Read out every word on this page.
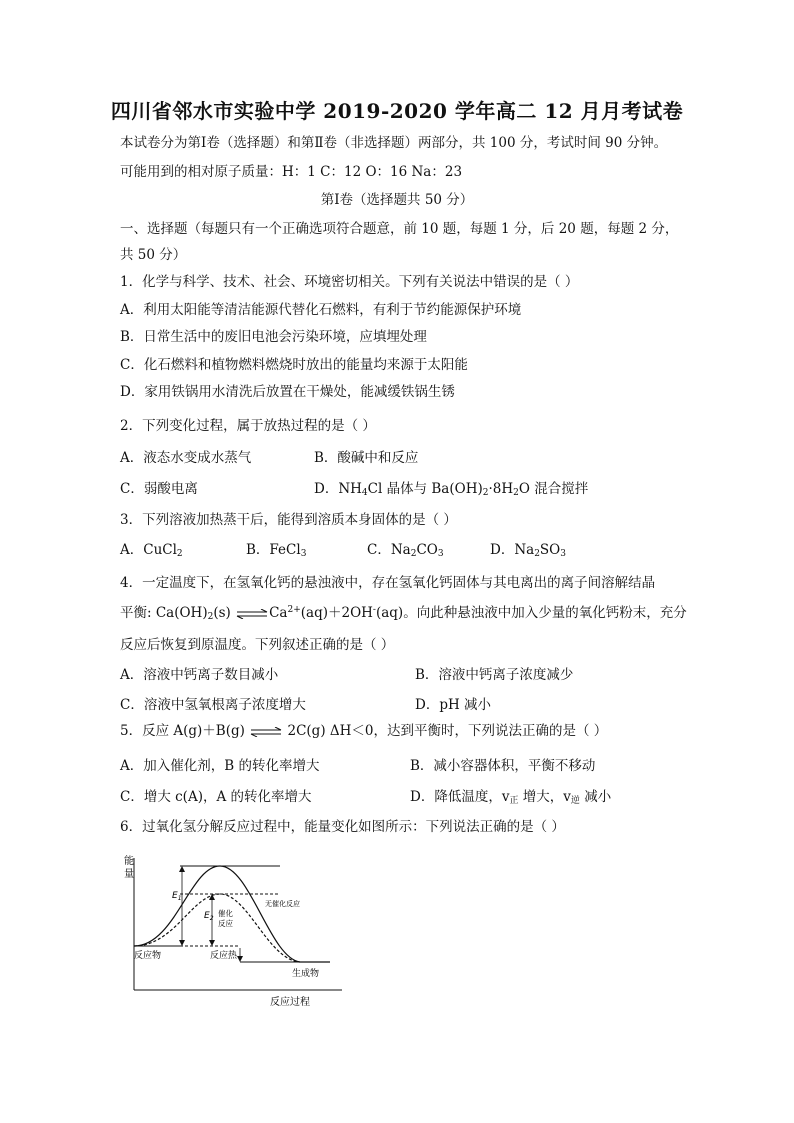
四川省邻水市实验中学 2019-2020 学年高二 12 月月考试卷
本试卷分为第Ⅰ卷（选择题）和第Ⅱ卷（非选择题）两部分，共 100 分，考试时间 90 分钟。
可能用到的相对原子质量：H：1 C：12 O：16 Na：23
第Ⅰ卷（选择题共 50 分）
一、选择题（每题只有一个正确选项符合题意，前 10 题，每题 1 分，后 20 题，每题 2 分，
共 50 分）
1．化学与科学、技术、社会、环境密切相关。下列有关说法中错误的是（ ）
A．利用太阳能等清洁能源代替化石燃料，有利于节约能源保护环境
B．日常生活中的废旧电池会污染环境，应填埋处理
C．化石燃料和植物燃料燃烧时放出的能量均来源于太阳能
D．家用铁锅用水清洗后放置在干燥处，能减缓铁锅生锈
2．下列变化过程，属于放热过程的是（ ）
A．液态水变成水蒸气	B．酸碱中和反应
C．弱酸电离	D．$NH_4Cl$ 晶体与 $Ba(OH)_2\cdot 8H_2O$ 混合搅拌
3．下列溶液加热蒸干后，能得到溶质本身固体的是（ ）
A．CuCl$_2$	B．FeCl$_3$	C．$Na_2CO_3$	D．$Na_2SO_3$
4．一定温度下，在氢氧化钙的悬浊液中，存在氢氧化钙固体与其电离出的离子间溶解结晶
平衡: $Ca(OH)_2(s)$ $\rightleftharpoons Ca^{2+}(aq)+2OH^-(aq)$。向此种悬浊液中加入少量的氧化钙粉末，充分
反应后恢复到原温度。下列叙述正确的是（ ）
A．溶液中钙离子数目减小	B．溶液中钙离子浓度减少
C．溶液中氢氧根离子浓度增大	D．pH 减小
5．反应 A(g)＋B(g) ⇌ 2C(g) ΔH＜0，达到平衡时，下列说法正确的是（ ）
A．加入催化剂，B 的转化率增大	B．减小容器体积，平衡不移动
C．增大 c(A)，A 的转化率增大	D．降低温度，$v_正$ 增大，$v_逆$ 减小
6．过氧化氢分解反应过程中，能量变化如图所示：下列说法正确的是（ ）
能
量
反应过程
$E_1$
$E_2$
催化
反应
无催化反应
反应物	反应热
生成物
